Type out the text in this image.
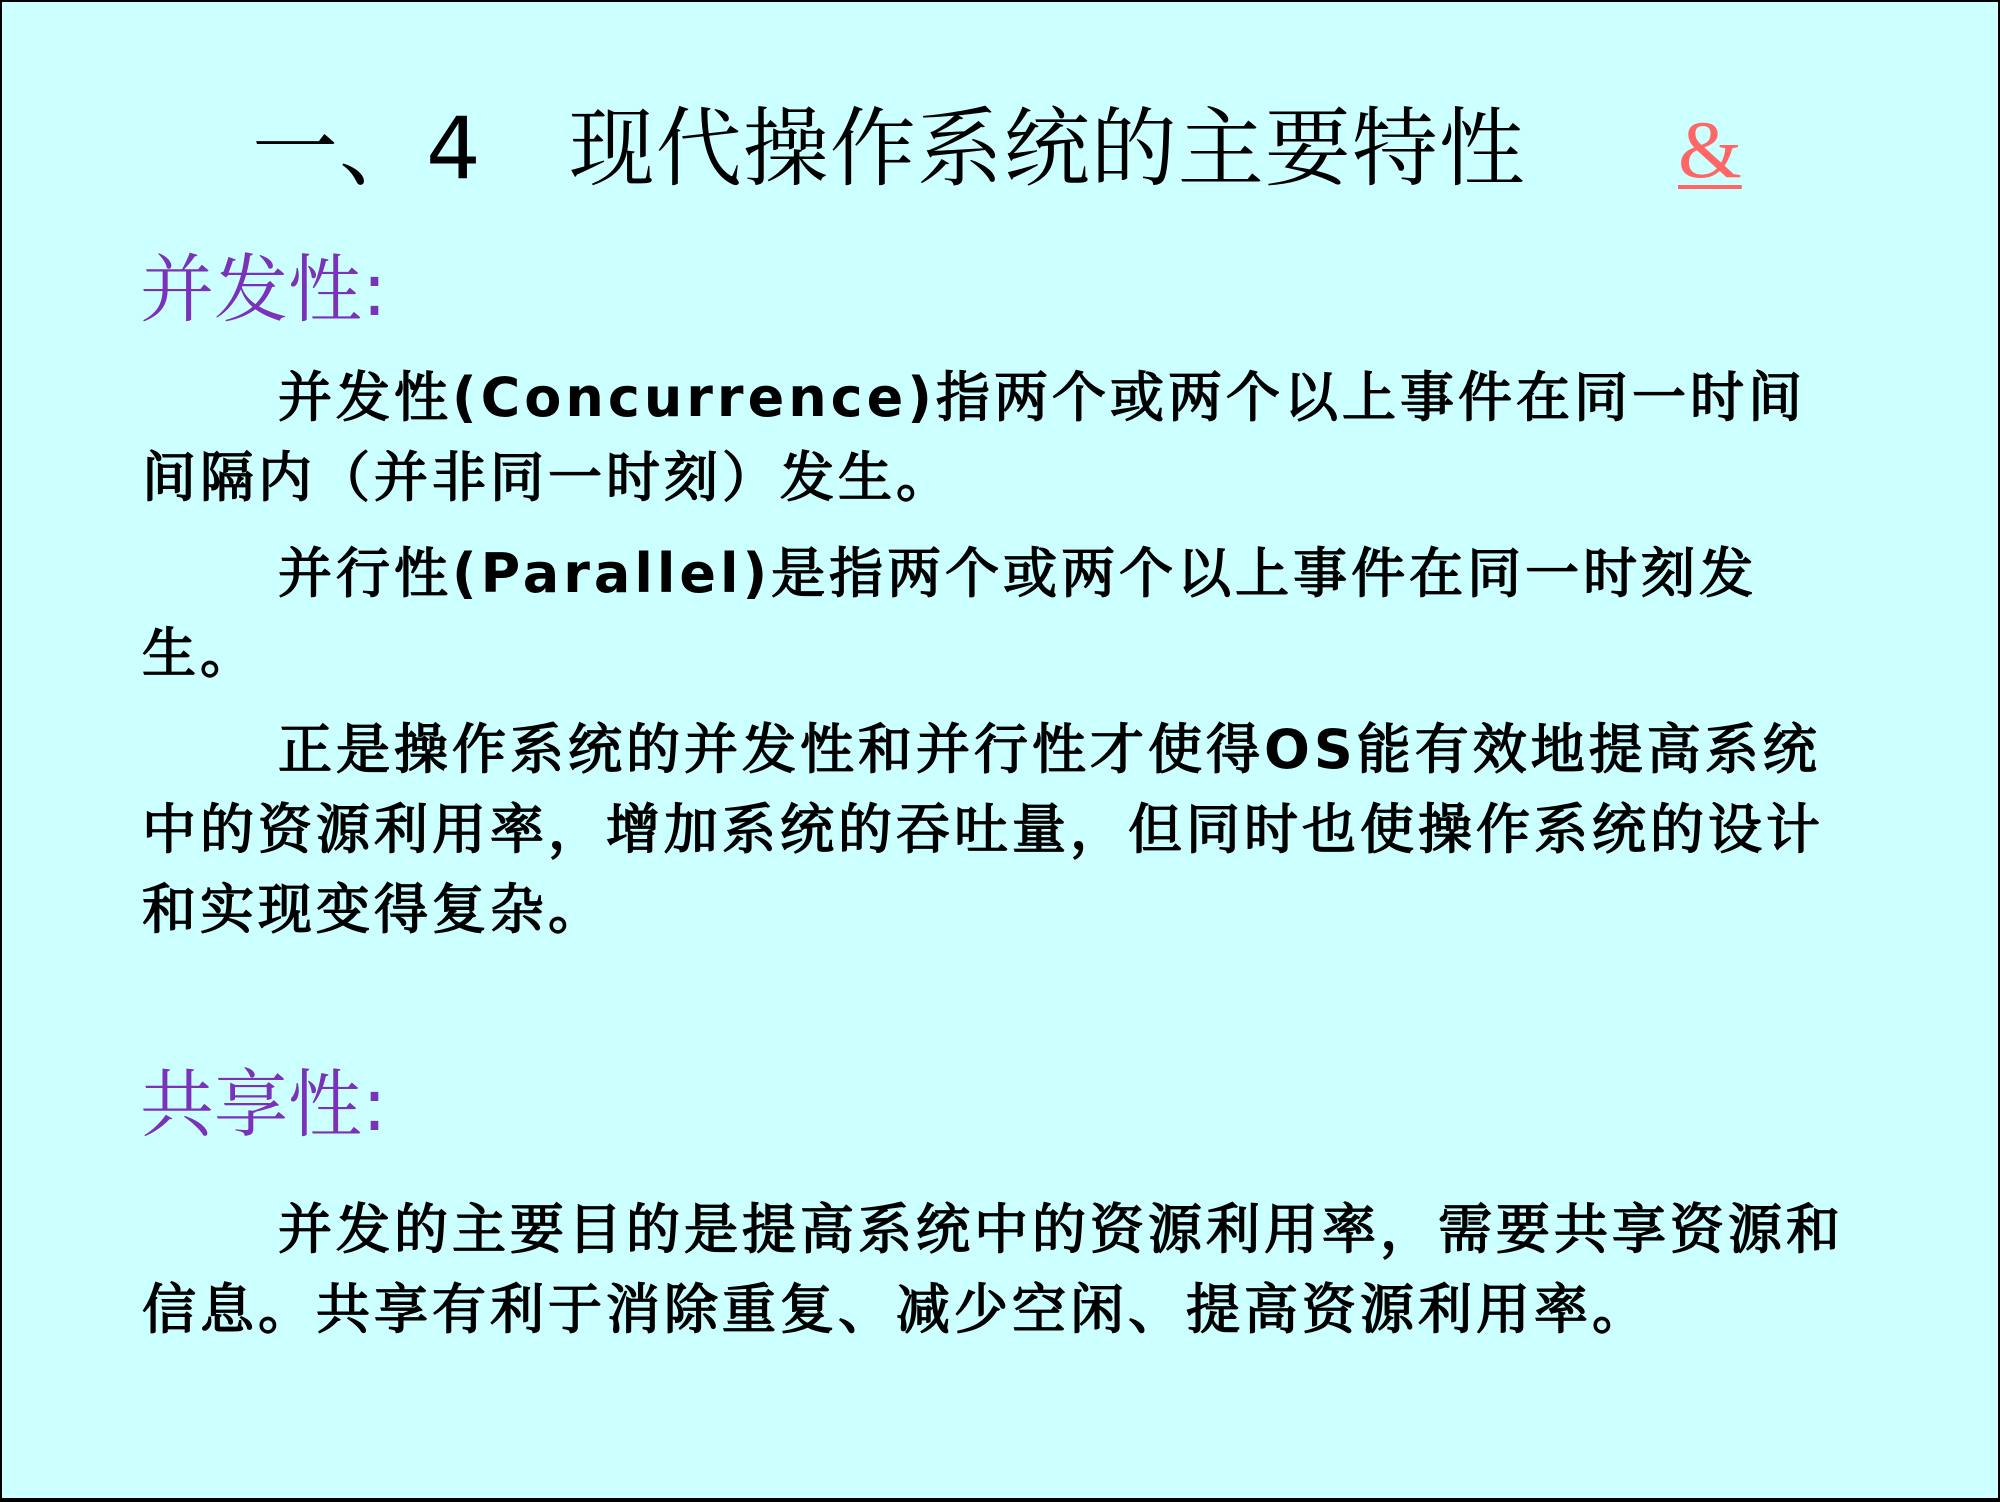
一、4　现代操作系统的主要特性 &
并发性:
并发性(Concurrence)指两个或两个以上事件在同一时间间隔内（并非同一时刻）发生。
并行性(Parallel)是指两个或两个以上事件在同一时刻发生。
正是操作系统的并发性和并行性才使得OS能有效地提高系统中的资源利用率，增加系统的吞吐量，但同时也使操作系统的设计和实现变得复杂。
共享性:
并发的主要目的是提高系统中的资源利用率，需要共享资源和信息。共享有利于消除重复、减少空闲、提高资源利用率。
